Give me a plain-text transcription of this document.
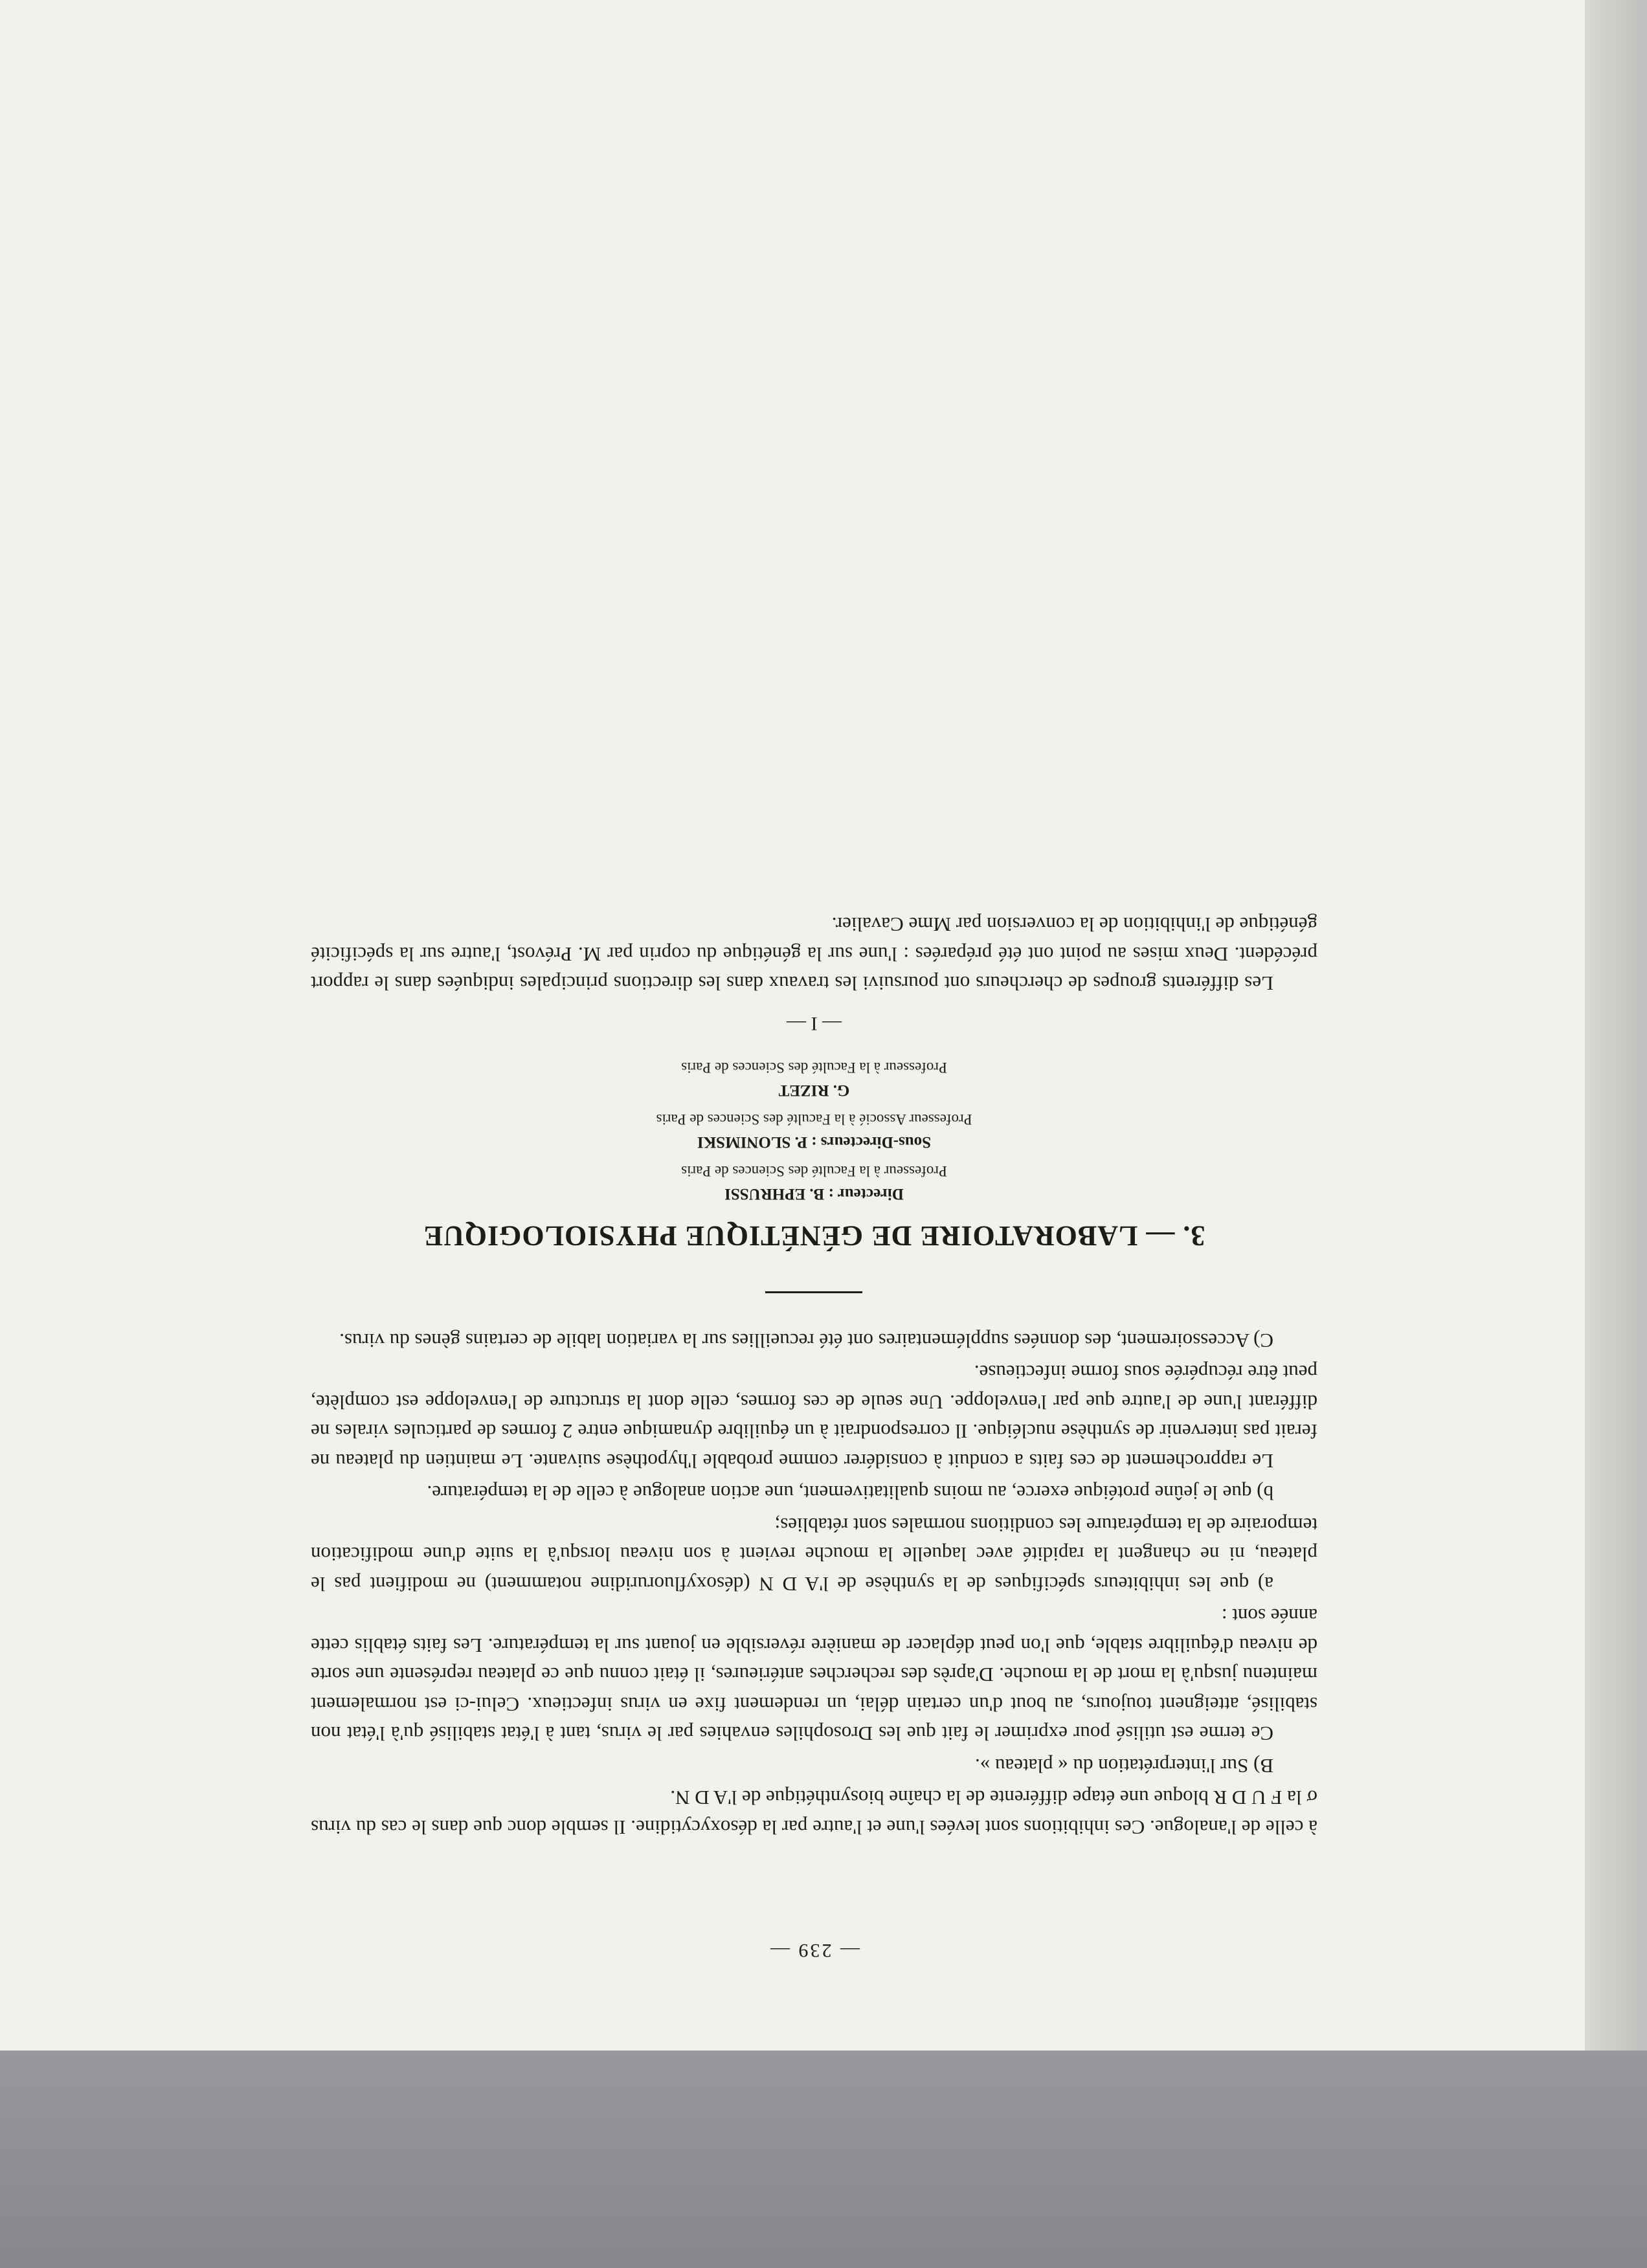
— 239 —

à celle de l'analogue. Ces inhibitions sont levées l'une et l'autre par la désoxycytidine. Il semble donc que dans le cas du virus σ la F U D R bloque une étape différente de la chaîne biosynthétique de l'A D N.

B) Sur l'interprétation du « plateau ».

Ce terme est utilisé pour exprimer le fait que les Drosophiles envahies par le virus, tant à l'état stabilisé qu'à l'état non stabilisé, atteignent toujours, au bout d'un certain délai, un rendement fixe en virus infectieux. Celui-ci est normalement maintenu jusqu'à la mort de la mouche. D'après des recherches antérieures, il était connu que ce plateau représente une sorte de niveau d'équilibre stable, que l'on peut déplacer de manière réversible en jouant sur la température. Les faits établis cette année sont :

a) que les inhibiteurs spécifiques de la synthèse de l'A D N (désoxyfluoruridine notamment) ne modifient pas le plateau, ni ne changent la rapidité avec laquelle la mouche revient à son niveau lorsqu'à la suite d'une modification temporaire de la température les conditions normales sont rétablies;

b) que le jeûne protéique exerce, au moins qualitativement, une action analogue à celle de la température.

Le rapprochement de ces faits a conduit à considérer comme probable l'hypothèse suivante. Le maintien du plateau ne ferait pas intervenir de synthèse nucléique. Il correspondrait à un équilibre dynamique entre 2 formes de particules virales ne différant l'une de l'autre que par l'enveloppe. Une seule de ces formes, celle dont la structure de l'enveloppe est complète, peut être récupérée sous forme infectieuse.

C) Accessoirement, des données supplémentaires ont été recueillies sur la variation labile de certains gènes du virus.

3. — LABORATOIRE DE GÉNÉTIQUE PHYSIOLOGIQUE
Directeur : B. EPHRUSSI
Professeur à la Faculté des Sciences de Paris
Sous-Directeurs : P. SLONIMSKI
Professeur Associé à la Faculté des Sciences de Paris
G. RIZET
Professeur à la Faculté des Sciences de Paris
— I —

Les différents groupes de chercheurs ont poursuivi les travaux dans les directions principales indiquées dans le rapport précédent. Deux mises au point ont été préparées : l'une sur la génétique du coprin par M. Prévost, l'autre sur la spécificité génétique de l'inhibition de la conversion par Mme Cavalier.
